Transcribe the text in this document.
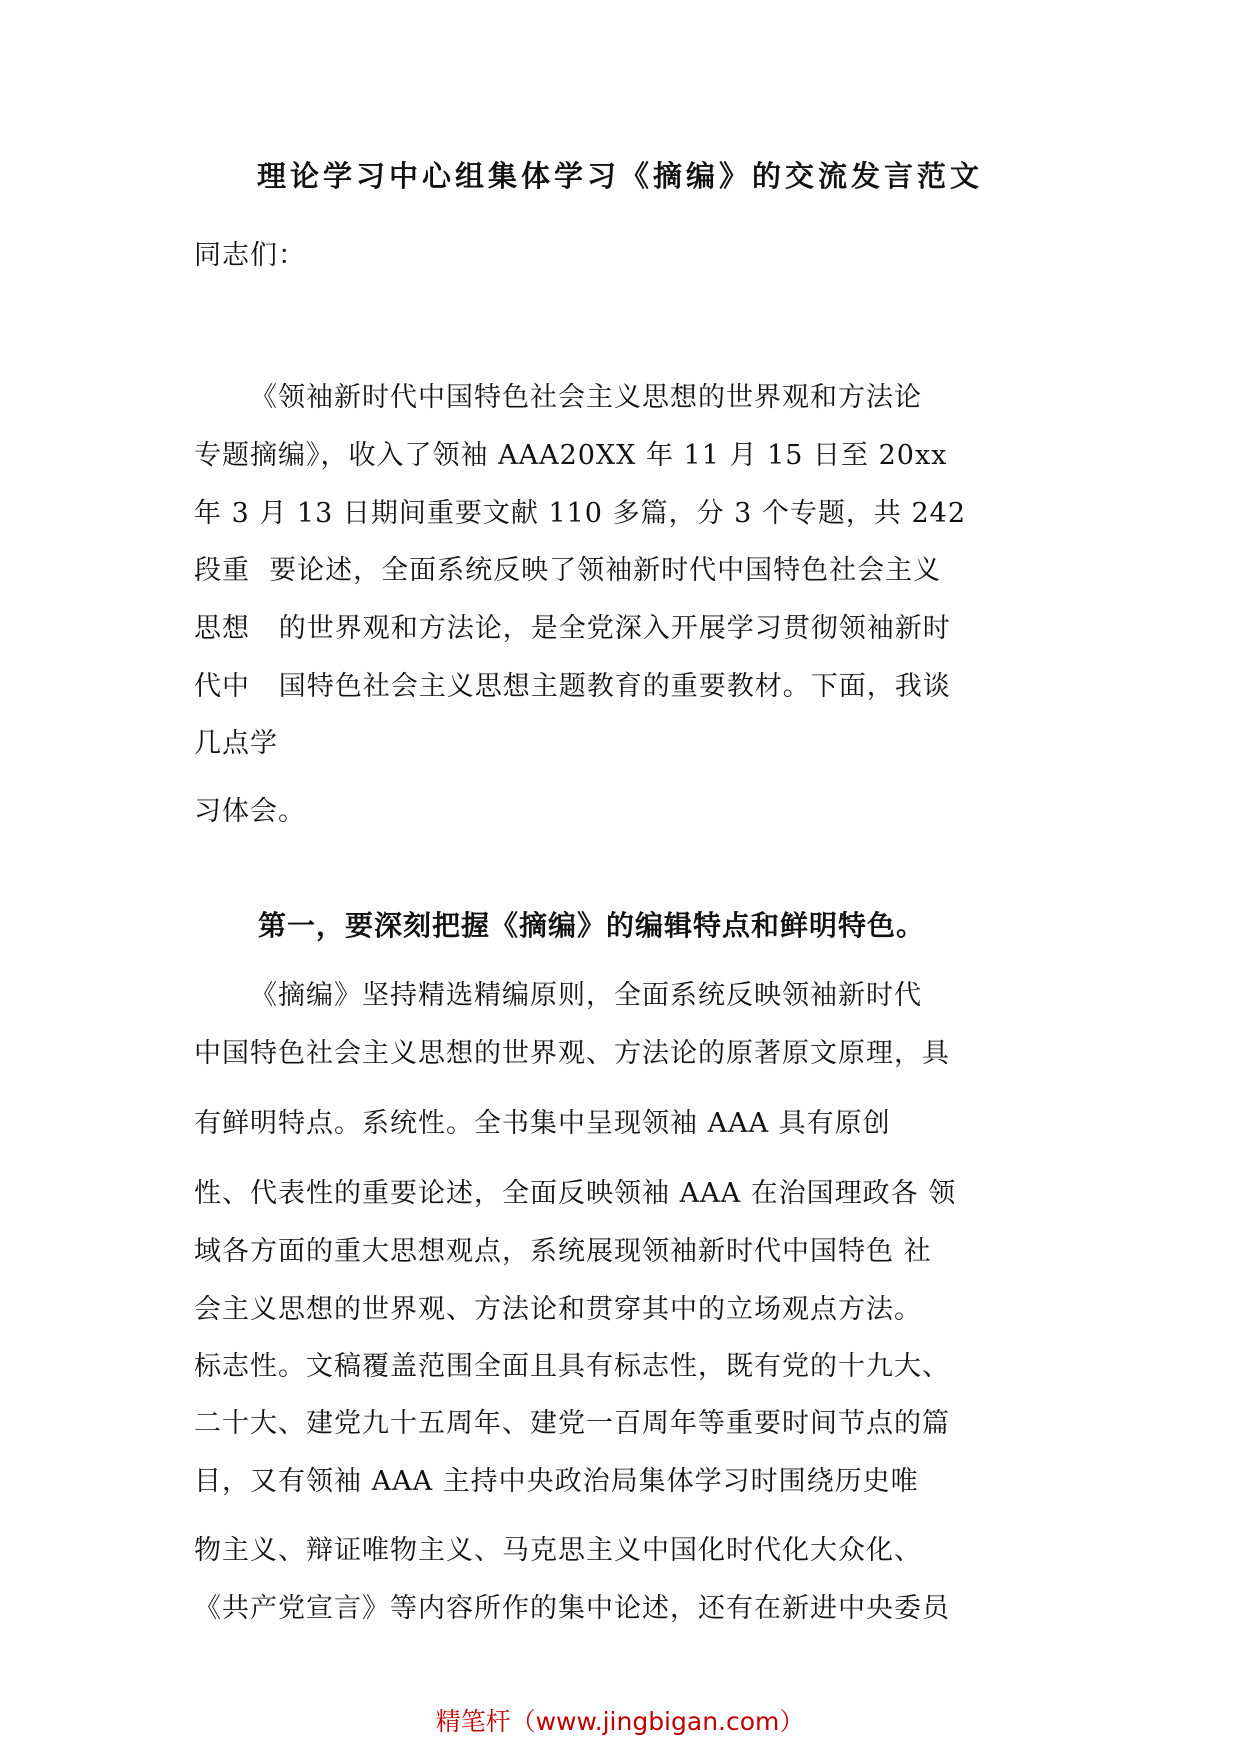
理论学习中心组集体学习《摘编》的交流发言范文

同志们：

《领袖新时代中国特色社会主义思想的世界观和方法论

专题摘编》，收入了领袖 AAA20XX 年 11 月 15 日至 20xx

年 3 月 13 日期间重要文献 110 多篇，分 3 个专题，共 242

段重  要论述，全面系统反映了领袖新时代中国特色社会主义

思想   的世界观和方法论，是全党深入开展学习贯彻领袖新时

代中   国特色社会主义思想主题教育的重要教材。下面，我谈

几点学

习体会。

第一，要深刻把握《摘编》的编辑特点和鲜明特色。

《摘编》坚持精选精编原则，全面系统反映领袖新时代

中国特色社会主义思想的世界观、方法论的原著原文原理，具

有鲜明特点。系统性。全书集中呈现领袖 AAA 具有原创

性、代表性的重要论述，全面反映领袖 AAA 在治国理政各 领

域各方面的重大思想观点，系统展现领袖新时代中国特色 社

会主义思想的世界观、方法论和贯穿其中的立场观点方法。

标志性。文稿覆盖范围全面且具有标志性，既有党的十九大、

二十大、建党九十五周年、建党一百周年等重要时间节点的篇

目，又有领袖 AAA 主持中央政治局集体学习时围绕历史唯

物主义、辩证唯物主义、马克思主义中国化时代化大众化、

《共产党宣言》等内容所作的集中论述，还有在新进中央委员

精笔杆（www.jingbigan.com）
